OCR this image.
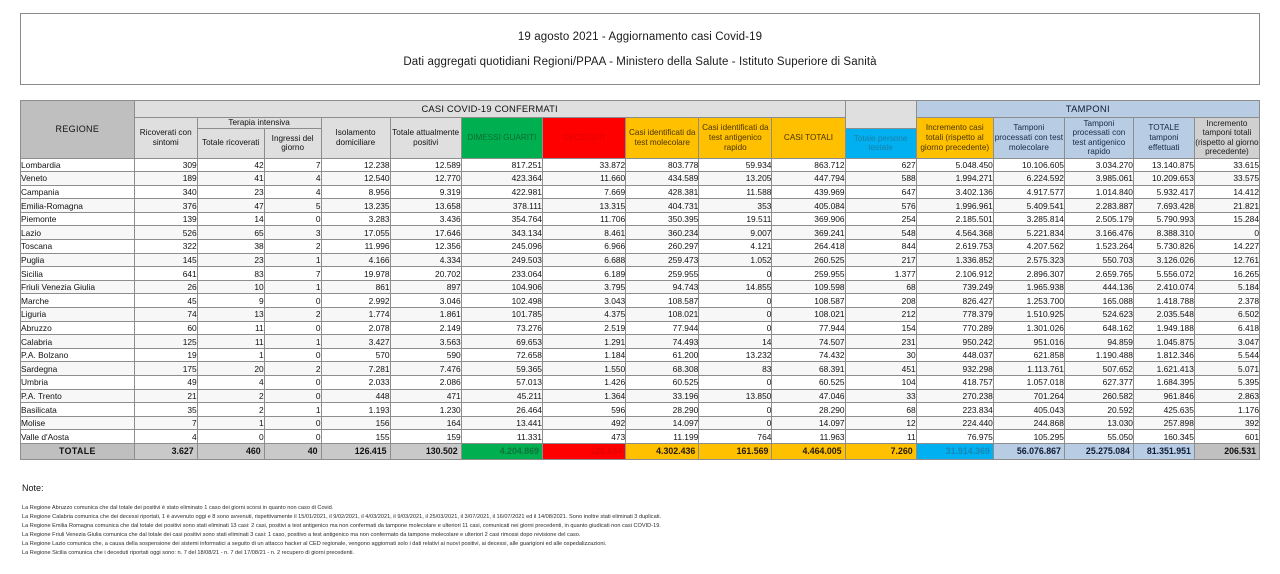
19 agosto 2021 - Aggiornamento casi Covid-19
Dati aggregati quotidiani Regioni/PPAA - Ministero della Salute - Istituto Superiore di Sanità
REGIONE	CASI COVID-19 CONFERMATI											TAMPONI				
	Ricoverati con sintomi	Terapia intensiva		Isolamento domiciliare	Totale attualmente positivi	DIMESSI GUARITI	DECEDUTI	Casi identificati da test molecolare	Casi identificati da test antigenico rapido	CASI TOTALI		Incremento casi totali (rispetto al giorno precedente)	Tamponi processati con test molecolare	Tamponi processati con test antigenico rapido	TOTALE tamponi effettuati	Incremento tamponi totali (rispetto al giorno precedente)
		Totale ricoverati	Ingressi del giorno								Totale persone testate					
Lombardia	309	42	7	12.238	12.589	817.251	33.872	803.778	59.934	863.712	627	5.048.450	10.106.605	3.034.270	13.140.875	33.615
Veneto	189	41	4	12.540	12.770	423.364	11.660	434.589	13.205	447.794	588	1.994.271	6.224.592	3.985.061	10.209.653	33.575
Campania	340	23	4	8.956	9.319	422.981	7.669	428.381	11.588	439.969	647	3.402.136	4.917.577	1.014.840	5.932.417	14.412
Emilia-Romagna	376	47	5	13.235	13.658	378.111	13.315	404.731	353	405.084	576	1.996.961	5.409.541	2.283.887	7.693.428	21.821
Piemonte	139	14	0	3.283	3.436	354.764	11.706	350.395	19.511	369.906	254	2.185.501	3.285.814	2.505.179	5.790.993	15.284
Lazio	526	65	3	17.055	17.646	343.134	8.461	360.234	9.007	369.241	548	4.564.368	5.221.834	3.166.476	8.388.310	0
Toscana	322	38	2	11.996	12.356	245.096	6.966	260.297	4.121	264.418	844	2.619.753	4.207.562	1.523.264	5.730.826	14.227
Puglia	145	23	1	4.166	4.334	249.503	6.688	259.473	1.052	260.525	217	1.336.852	2.575.323	550.703	3.126.026	12.761
Sicilia	641	83	7	19.978	20.702	233.064	6.189	259.955	0	259.955	1.377	2.106.912	2.896.307	2.659.765	5.556.072	16.265
Friuli Venezia Giulia	26	10	1	861	897	104.906	3.795	94.743	14.855	109.598	68	739.249	1.965.938	444.136	2.410.074	5.184
Marche	45	9	0	2.992	3.046	102.498	3.043	108.587	0	108.587	208	826.427	1.253.700	165.088	1.418.788	2.378
Liguria	74	13	2	1.774	1.861	101.785	4.375	108.021	0	108.021	212	778.379	1.510.925	524.623	2.035.548	6.502
Abruzzo	60	11	0	2.078	2.149	73.276	2.519	77.944	0	77.944	154	770.289	1.301.026	648.162	1.949.188	6.418
Calabria	125	11	1	3.427	3.563	69.653	1.291	74.493	14	74.507	231	950.242	951.016	94.859	1.045.875	3.047
P.A. Bolzano	19	1	0	570	590	72.658	1.184	61.200	13.232	74.432	30	448.037	621.858	1.190.488	1.812.346	5.544
Sardegna	175	20	2	7.281	7.476	59.365	1.550	68.308	83	68.391	451	932.298	1.113.761	507.652	1.621.413	5.071
Umbria	49	4	0	2.033	2.086	57.013	1.426	60.525	0	60.525	104	418.757	1.057.018	627.377	1.684.395	5.395
P.A. Trento	21	2	0	448	471	45.211	1.364	33.196	13.850	47.046	33	270.238	701.264	260.582	961.846	2.863
Basilicata	35	2	1	1.193	1.230	26.464	596	28.290	0	28.290	68	223.834	405.043	20.592	425.635	1.176
Molise	7	1	0	156	164	13.441	492	14.097	0	14.097	12	224.440	244.868	13.030	257.898	392
Valle d'Aosta	4	0	0	155	159	11.331	473	11.199	764	11.963	11	76.975	105.295	55.050	160.345	601
TOTALE	3.627	460	40	126.415	130.502	4.204.869	128.634	4.302.436	161.569	4.464.005	7.260	31.914.369	56.076.867	25.275.084	81.351.951	206.531
Note:
La Regione Abruzzo comunica che dal totale dei positivi è stato eliminato 1 caso dei giorni scorsi in quanto non caso di Covid.
La Regione Calabria comunica che dei decessi riportati, 1 è avvenuto oggi e 8 sono avvenuti, rispettivamente il 15/01/2021, il 9/02/2021, il 4/03/2021, il 9/03/2021, il 25/03/2021, il 3/07/2021, il 16/07/2021 ed il 14/08/2021. Sono inoltre stati eliminati 3 duplicati.
La Regione Emilia Romagna comunica che dal totale dei positivi sono stati eliminati 13 casi: 2 casi, positivi a test antigenico ma non confermati da tampone molecolare e ulteriori 11 casi, comunicati nei giorni precedenti, in quanto giudicati non casi COVID-19.
La Regione Friuli Venezia Giulia comunica che dal totale dei casi positivi sono stati eliminati 3 casi: 1 caso, positivo a test antigenico ma non confermato da tampone molecolare e ulteriori 2 casi rimossi dopo revisione del caso.
La Regione Lazio comunica che, a causa della sospensione dei sistemi informatici a seguito di un attacco hacker al CED regionale, vengono aggiornati solo i dati relativi ai nuovi positivi, ai decessi, alle guarigioni ed alle ospedalizzazioni.
La Regione Sicilia comunica che i deceduti riportati oggi sono: n. 7 del 18/08/21 - n. 7 del 17/08/21 - n. 2 recupero di giorni precedenti.
